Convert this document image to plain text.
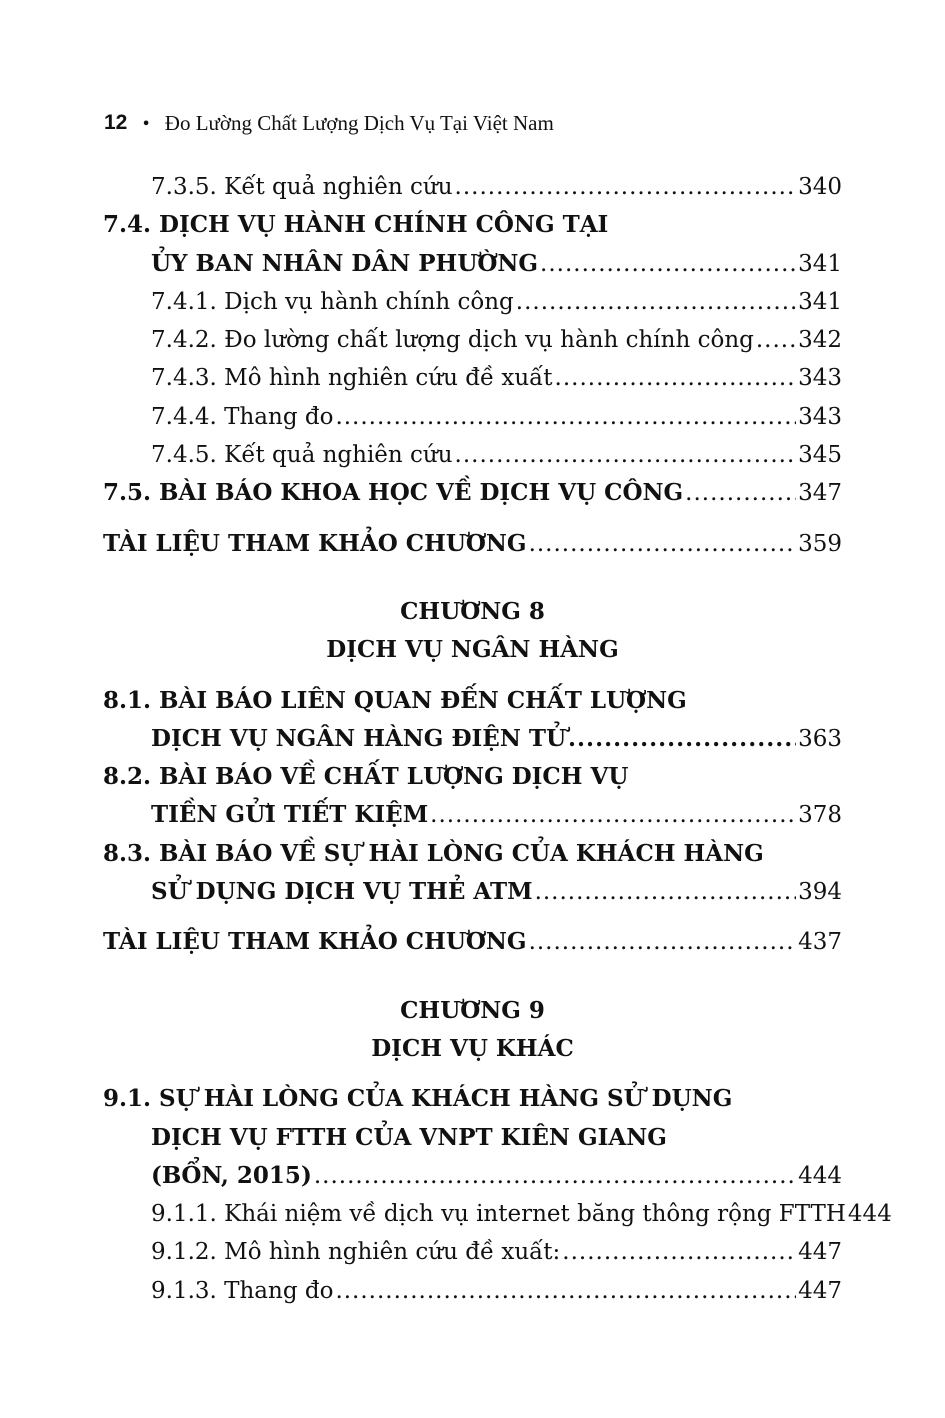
12 • Đo Lường Chất Lượng Dịch Vụ Tại Việt Nam
7.3.5. Kết quả nghiên cứu .....	340
7.4. DỊCH VỤ HÀNH CHÍNH CÔNG TẠI
ỦY BAN NHÂN DÂN PHƯỜNG .....	341
7.4.1. Dịch vụ hành chính công .....	341
7.4.2. Đo lường chất lượng dịch vụ hành chính công ..... 342
7.4.3. Mô hình nghiên cứu đề xuất .....	343
7.4.4. Thang đo .....	343
7.4.5. Kết quả nghiên cứu .....	345
7.5. BÀI BÁO KHOA HỌC VỀ DỊCH VỤ CÔNG .....	347
TÀI LIỆU THAM KHẢO CHƯƠNG .....	359
CHƯƠNG 8
DỊCH VỤ NGÂN HÀNG
8.1. BÀI BÁO LIÊN QUAN ĐẾN CHẤT LƯỢNG
DỊCH VỤ NGÂN HÀNG ĐIỆN TỬ .....	363
8.2. BÀI BÁO VỀ CHẤT LƯỢNG DỊCH VỤ
TIỀN GỬI TIẾT KIỆM .....	378
8.3. BÀI BÁO VỀ SỰ HÀI LÒNG CỦA KHÁCH HÀNG
SỬ DỤNG DỊCH VỤ THẺ ATM .....	394
TÀI LIỆU THAM KHẢO CHƯƠNG .....	437
CHƯƠNG 9
DỊCH VỤ KHÁC
9.1. SỰ HÀI LÒNG CỦA KHÁCH HÀNG SỬ DỤNG
DỊCH VỤ FTTH CỦA VNPT KIÊN GIANG
(BỔN, 2015) .....	444
9.1.1. Khái niệm về dịch vụ internet băng thông rộng FTTH 444
9.1.2. Mô hình nghiên cứu đề xuất: .....	447
9.1.3. Thang đo .....	447
